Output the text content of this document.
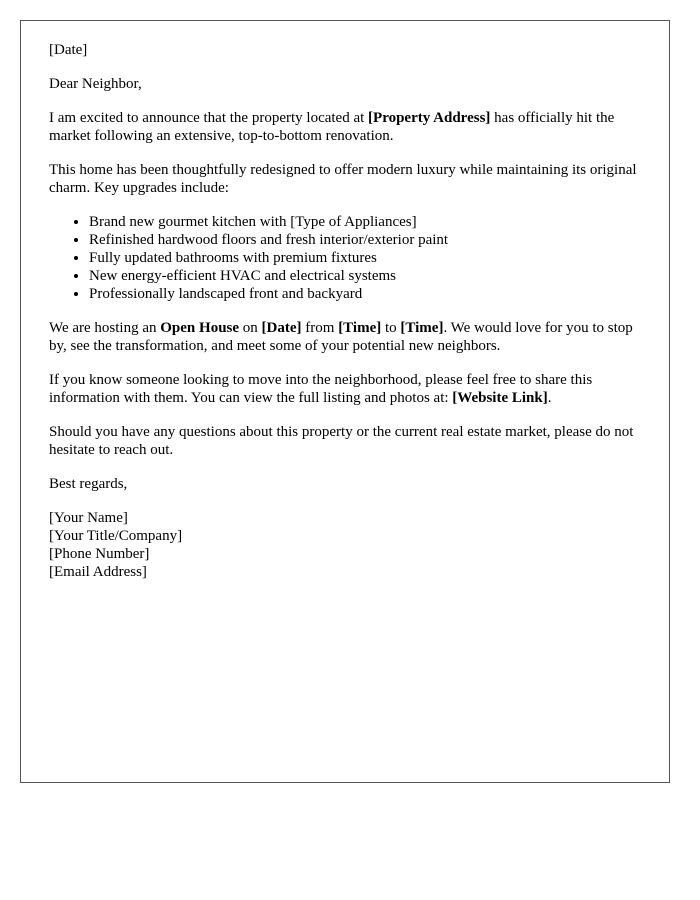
[Date]

Dear Neighbor,

I am excited to announce that the property located at [Property Address] has officially hit the market following an extensive, top-to-bottom renovation.

This home has been thoughtfully redesigned to offer modern luxury while maintaining its original charm. Key upgrades include:

• Brand new gourmet kitchen with [Type of Appliances]
• Refinished hardwood floors and fresh interior/exterior paint
• Fully updated bathrooms with premium fixtures
• New energy-efficient HVAC and electrical systems
• Professionally landscaped front and backyard

We are hosting an Open House on [Date] from [Time] to [Time]. We would love for you to stop by, see the transformation, and meet some of your potential new neighbors.

If you know someone looking to move into the neighborhood, please feel free to share this information with them. You can view the full listing and photos at: [Website Link].

Should you have any questions about this property or the current real estate market, please do not hesitate to reach out.

Best regards,

[Your Name]
[Your Title/Company]
[Phone Number]
[Email Address]
